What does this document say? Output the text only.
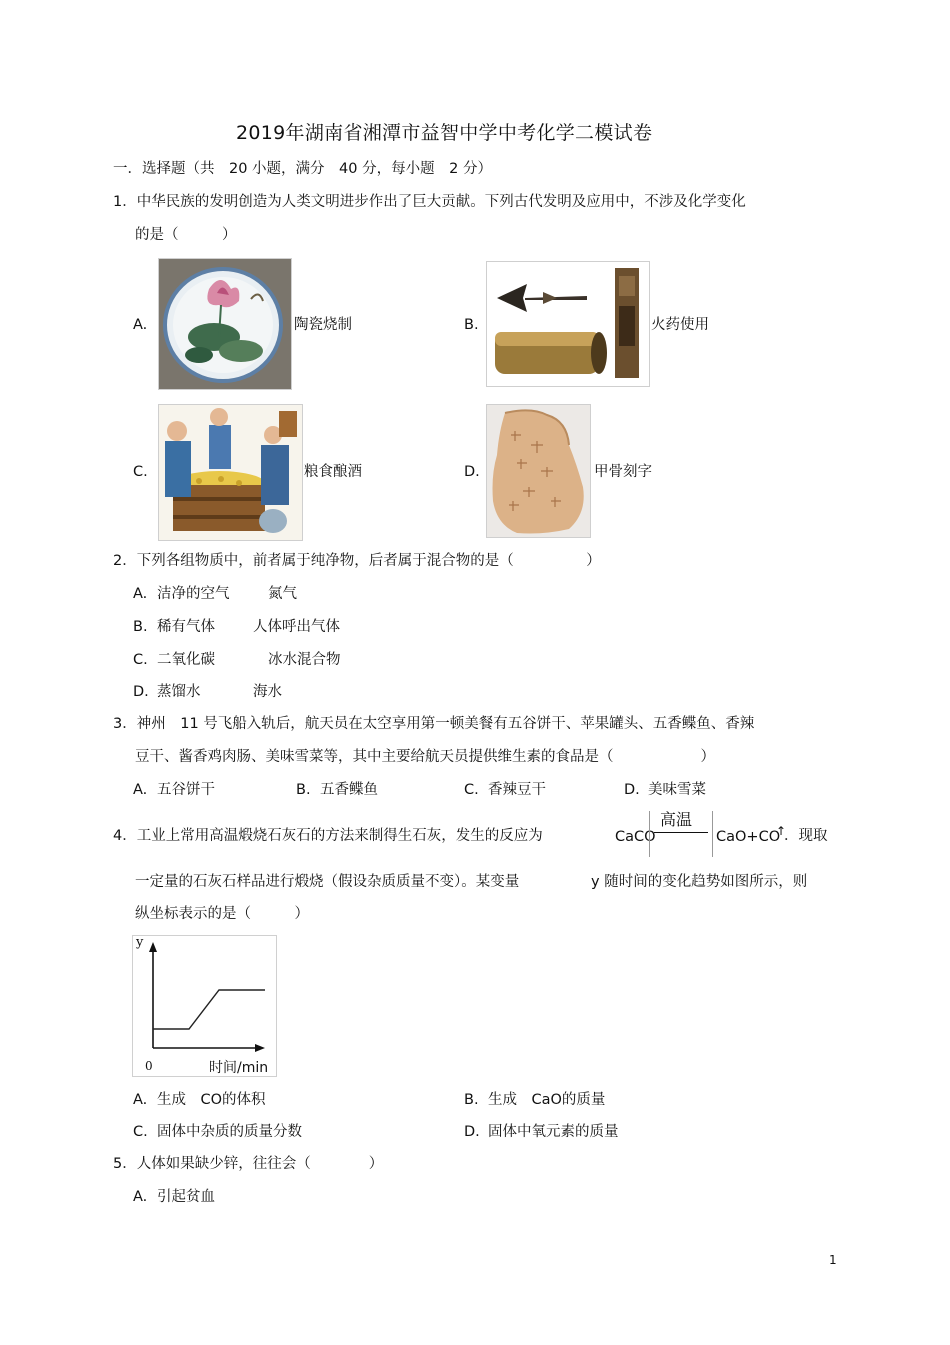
2019年湖南省湘潭市益智中学中考化学二模试卷
一．选择题（共　20 小题，满分　40 分，每小题　2 分）
1．中华民族的发明创造为人类文明进步作出了巨大贡献。下列古代发明及应用中，不涉及化学变化
的是（　　　）
A.	陶瓷烧制	B.	火药使用
C.	粮食酿酒	D.	甲骨刻字
2．下列各组物质中，前者属于纯净物，后者属于混合物的是（　　　　　）
A. 洁净的空气	氮气
B. 稀有气体	人体呼出气体
C. 二氧化碳	冰水混合物
D. 蒸馏水	海水
3．神州　11 号飞船入轨后，航天员在太空享用第一顿美餐有五谷饼干、苹果罐头、五香鲽鱼、香辣
豆干、酱香鸡肉肠、美味雪菜等，其中主要给航天员提供维生素的食品是（　　　　　　）
A. 五谷饼干	B. 五香鲽鱼	C. 香辣豆干	D. 美味雪菜
4．工业上常用高温煅烧石灰石的方法来制得生石灰，发生的反应为	CaCO
高温
CaO+CO
↑
．现取
一定量的石灰石样品进行煅烧（假设杂质质量不变）。某变量	y 随时间的变化趋势如图所示，则
纵坐标表示的是（　　　）
y
0	时间/min
A. 生成　CO的体积	B. 生成　CaO的质量
C. 固体中杂质的质量分数	D. 固体中氧元素的质量
5．人体如果缺少锌，往往会（　　　　）
A. 引起贫血
1
